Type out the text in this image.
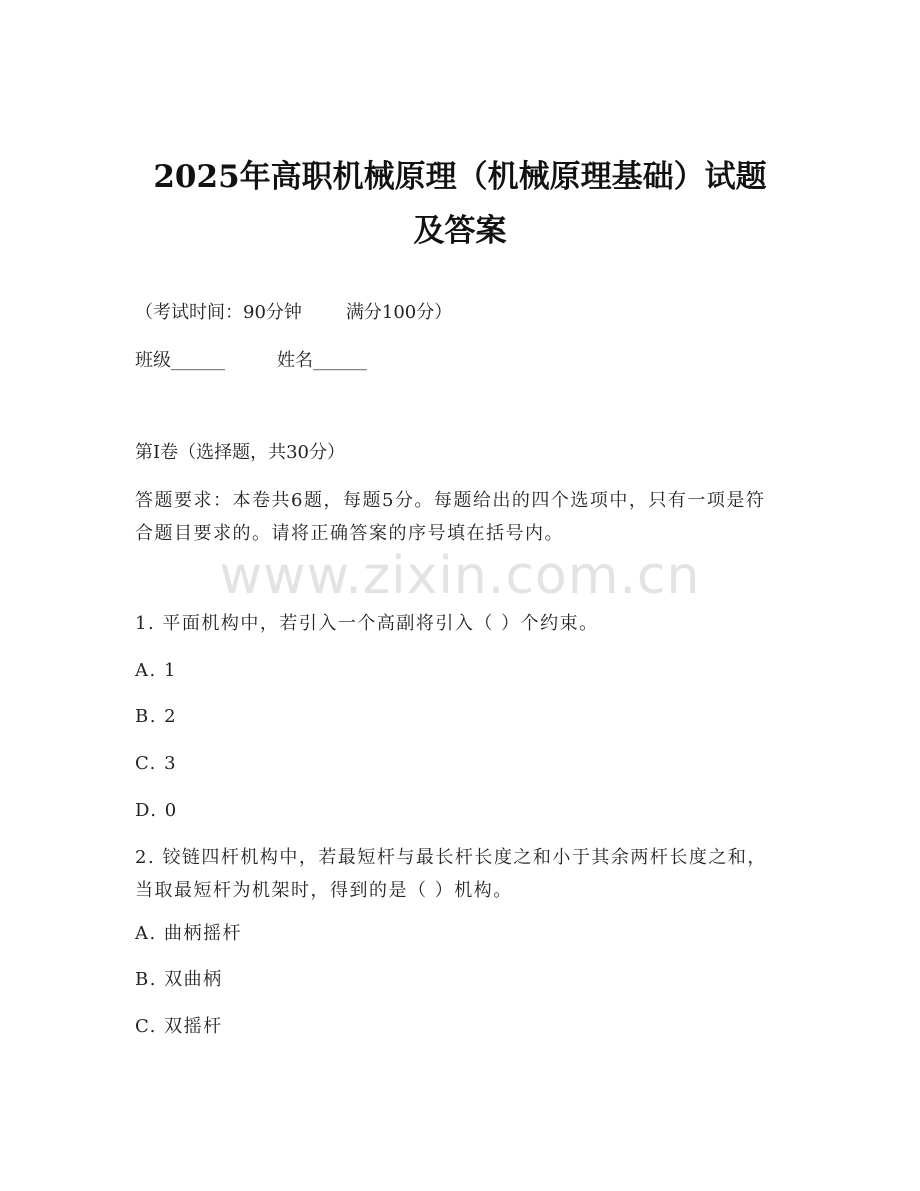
2025年高职机械原理（机械原理基础）试题
及答案
（考试时间：90分钟 满分100分）
班级______	姓名______
第I卷（选择题，共30分）
答题要求：本卷共6题，每题5分。每题给出的四个选项中，只有一项是符合题目要求的。请将正确答案的序号填在括号内。
www.zixin.com.cn
1. 平面机构中，若引入一个高副将引入（ ）个约束。
A. 1
B. 2
C. 3
D. 0
2. 铰链四杆机构中，若最短杆与最长杆长度之和小于其余两杆长度之和，当取最短杆为机架时，得到的是（ ）机构。
A. 曲柄摇杆
B. 双曲柄
C. 双摇杆
